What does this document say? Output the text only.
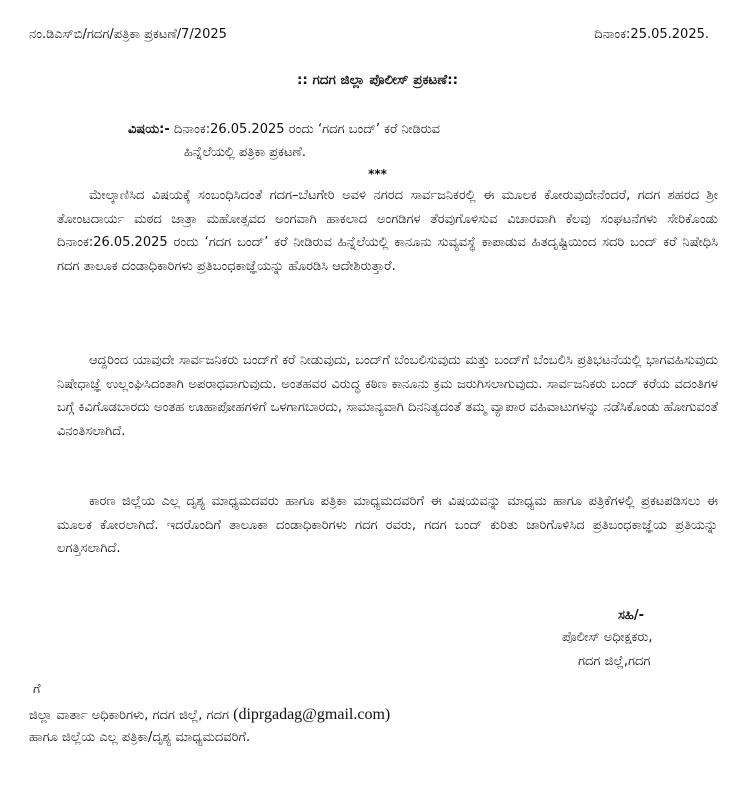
ನಂ.ಡಿಎಸ್‌ಬಿ/ಗದಗ/ಪತ್ರಿಕಾ ಪ್ರಕಟಣೆ/7/2025	ದಿನಾಂಕ:25.05.2025.
:: ಗದಗ ಜಿಲ್ಲಾ ಪೊಲೀಸ್ ಪ್ರಕಟಣೆ::
ವಿಷಯ:- ದಿನಾಂಕ:26.05.2025 ರಂದು ‘ಗದಗ ಬಂದ್’ ಕರೆ ನೀಡಿರುವ
ಹಿನ್ನೆಲೆಯಲ್ಲಿ ಪತ್ರಿಕಾ ಪ್ರಕಟಣೆ.
***

ಮೇಲ್ಕಾಣಿಸಿದ ವಿಷಯಕ್ಕೆ ಸಂಬಂಧಿಸಿದಂತೆ ಗದಗ–ಬೆಟಗೇರಿ ಅವಳಿ ನಗರದ ಸಾರ್ವಜನಿಕರಲ್ಲಿ ಈ ಮೂಲಕ ಕೋರುವುದೇನೆಂದರೆ, ಗದಗ ಶಹರದ ಶ್ರೀ ತೋಂಟದಾರ್ಯ ಮಠದ ಜಾತ್ರಾ ಮಹೋತ್ಸವದ ಅಂಗವಾಗಿ ಹಾಕಲಾದ ಅಂಗಡಿಗಳ ತೆರವುಗೊಳಿಸುವ ವಿಚಾರವಾಗಿ ಕೆಲವು ಸಂಘಟನೆಗಳು ಸೇರಿಕೊಂಡು ದಿನಾಂಕ:26.05.2025 ರಂದು ‘ಗದಗ ಬಂದ್’ ಕರೆ ನೀಡಿರುವ ಹಿನ್ನೆಲೆಯಲ್ಲಿ ಕಾನೂನು ಸುವ್ಯವಸ್ಥೆ ಕಾಪಾಡುವ ಹಿತದೃಷ್ಟಿಯಿಂದ ಸದರಿ ಬಂದ್ ಕರೆ ನಿಷೇಧಿಸಿ ಗದಗ ತಾಲೂಕ ದಂಡಾಧಿಕಾರಿಗಳು ಪ್ರತಿಬಂಧಕಾಜ್ಞೆಯನ್ನು ಹೊರಡಿಸಿ ಆದೇಶಿರುತ್ತಾರೆ.

ಆದ್ದರಿಂದ ಯಾವುದೇ ಸಾರ್ವಜನಿಕರು ಬಂದ್‌ಗೆ ಕರೆ ನೀಡುವುದು, ಬಂದ್‌ಗೆ ಬೆಂಬಲಿಸುವುದು ಮತ್ತು ಬಂದ್‌ಗೆ ಬೆಂಬಲಿಸಿ ಪ್ರತಿಭಟನೆಯಲ್ಲಿ ಭಾಗವಹಿಸುವುದು ನಿಷೇಧಾಜ್ಞೆ ಉಲ್ಲಂಘಿಸಿದಂತಾಗಿ ಅಪರಾಧವಾಗುವುದು. ಅಂತಹವರ ವಿರುದ್ಧ ಕಠಿಣ ಕಾನೂನು ಕ್ರಮ ಜರುಗಿಸಲಾಗುವುದು. ಸಾರ್ವಜನಿಕರು ಬಂದ್ ಕರೆಯ ವದಂತಿಗಳ ಬಗ್ಗೆ ಕಿವಿಗೊಡಬಾರದು ಅಂತಹ ಊಹಾಪೋಹಗಳಿಗೆ ಒಳಗಾಗಬಾರದು, ಸಾಮಾನ್ಯವಾಗಿ ದಿನನಿತ್ಯದಂತೆ ತಮ್ಮ ವ್ಯಾಪಾರ ವಹಿವಾಟುಗಳನ್ನು ನಡೆಸಿಕೊಂಡು ಹೋಗುವಂತೆ ವಿನಂತಿಸಲಾಗಿದೆ.

ಕಾರಣ ಜಿಲ್ಲೆಯ ಎಲ್ಲ ದೃಶ್ಯ ಮಾಧ್ಯಮದವರು ಹಾಗೂ ಪತ್ರಿಕಾ ಮಾಧ್ಯಮದವರಿಗೆ ಈ ವಿಷಯವನ್ನು ಮಾಧ್ಯಮ ಹಾಗೂ ಪತ್ರಿಕೆಗಳಲ್ಲಿ ಪ್ರಕಟಪಡಿಸಲು ಈ ಮೂಲಕ ಕೋರಲಾಗಿದೆ. ಇದರೊಂದಿಗೆ ತಾಲೂಕಾ ದಂಡಾಧಿಕಾರಿಗಳು ಗದಗ ರವರು, ಗದಗ ಬಂದ್ ಕುರಿತು ಜಾರಿಗೊಳಿಸಿದ ಪ್ರತಿಬಂಧಕಾಜ್ಞೆಯ ಪ್ರತಿಯನ್ನು ಲಗತ್ತಿಸಲಾಗಿದೆ.

ಸಹಿ/-
ಪೊಲೀಸ್ ಅಧೀಕ್ಷಕರು,
ಗದಗ ಜಿಲ್ಲೆ,ಗದಗ
ಗೆ
ಜಿಲ್ಲಾ ವಾರ್ತಾ ಅಧಿಕಾರಿಗಳು, ಗದಗ ಜಿಲ್ಲೆ, ಗದಗ (diprgadag@gmail.com)
ಹಾಗೂ ಜಿಲ್ಲೆಯ ಎಲ್ಲ ಪತ್ರಿಕಾ/ದೃಶ್ಯ ಮಾಧ್ಯಮದವರಿಗೆ.
